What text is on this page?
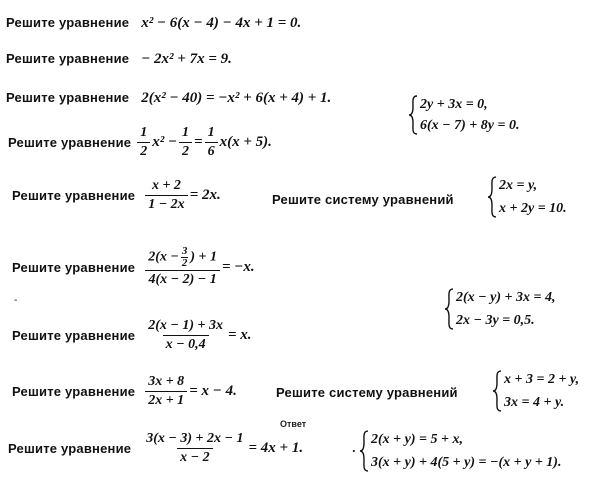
Решите уравнение x² − 6(x − 4) − 4x + 1 = 0.
Решите уравнение − 2x² + 7x = 9.
Решите уравнение 2(x² − 40) = −x² + 6(x + 4) + 1.	2y + 3x = 0,
6(x − 7) + 8y = 0.
Решите уравнение $\frac{1}{2} x^2 - \frac{1}{2} = \frac{1}{6} x(x + 5)$.
Решите уравнение $\frac{x + 2}{1 - 2x} = 2x$.	Решите систему уравнений
2x = y,
x + 2y = 10.
Решите уравнение $\frac{2(x - \frac{3}{2} ) + 1}{4(x - 2) - 1} = -x$.
-	2(x − y) + 3x = 4,
2x − 3y = 0,5.
Решите уравнение $\frac{2(x - 1) + 3x}{x - 0,4} = x$.
Решите уравнение $\frac{3x + 8}{2x + 1} = x - 4$.	Решите систему уравнений
x + 3 = 2 + y,
3x = 4 + y.
Ответ
Решите уравнение $\frac{3(x - 3) + 2x - 1}{x - 2} = 4x + 1$.	.
2(x + y) = 5 + x,
3(x + y) + 4(5 + y) = −(x + y + 1).
